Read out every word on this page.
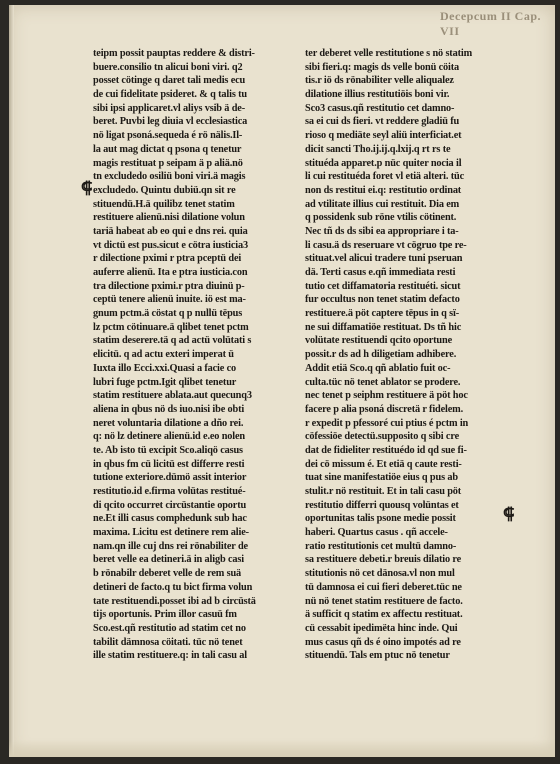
Decepcum II Cap. VII
teipm possit pauptas reddere & distri-
buere.consilio tn alicui boni viri. q2
posset cötinge q daret tali medis ecu
de cui fidelitate psideret. & q talis tu
sibi ipsi applicaret.vl aliys vsib ä de-
beret. Puvbi leg diuia vl ecclesiastica
nö ligat psoná.sequeda é rö nälis.Il-
la aut mag dictat q psona q tenetur
magis restituat p seipam ä p aliä.nö
tn excludedo osiliü boni viri.ä magis
excludedo. Quintu dubiü.qn sit re
stituendü.H.ä quilibz tenet statim
restituere alienü.nisi dilatione volun
tariä habeat ab eo qui e dns rei. quia
vt dictü est pus.sicut e cötra iusticia3
r dilectione pximi r ptra pceptü dei
auferre alienü. Ita e ptra iusticia.con
tra dilectione pximi.r ptra diuinü p-
ceptü tenere alienü inuite. iö est ma-
gnum pctm.ä cöstat q p nullü tëpus
lz pctm cötinuare.ä qlibet tenet pctm
statim deserere.tä q ad actü volütati s
elicitü. q ad actu exteri imperat ü
Iuxta illo Ecci.xxi.Quasi a facie co
lubri fuge pctm.Igit qlibet tenetur
statim restituere ablata.aut quecunq3
aliena in qbus nö ds iuo.nisi ibe obti
neret voluntaria dilatione a dño rei.
q: nö lz detinere alienü.id e.eo nolen
te. Ab isto tü excipit Sco.aliqö casus
in qbus fm cü licitü est differre resti
tutione exteriore.dümö assit interior
restitutio.id e.firma volütas restitué-
di qcito occurret circüstantie oportu
ne.Et illi casus comphedunk sub hac
maxima. Licitu est detinere rem alie-
nam.qn ille cuj dns rei rönabiliter de
beret velle ea detineri.ä in aligb casi
b rönabilr deberet velle de rem suä
detineri de facto.q tu bict firma volun
tate restituendi.posset ibi ad b circüstä
tijs oportunis. Prim illor casuü fm
Sco.est.qñ restitutio ad statim cet no
tabilit dämnosa cöitati. tüc nö tenet
ille statim restituere.q: in tali casu al
ter deberet velle restitutione s nö statim
sibi fieri.q: magis ds velle bonü cöita
tis.r iö ds rönabiliter velle aliqualez
dilatione illius restitutiöis boni vir.
Sco3 casus.qñ restitutio cet damno-
sa ei cui ds fieri. vt reddere gladiü fu
rioso q mediäte seyl aliü interficiat.et
dicit sancti Tho.ij.ij.q.lxij.q rt rs te
stituéda apparet.p nüc quiter nocia il
li cui restituéda foret vl etiä alteri. tüc
non ds restitui ei.q: restitutio ordinat
ad vtilitate illius cui restituit. Dia em
q possidenk sub röne vtilis cötinent.
Nec tñ ds ds sibi ea appropriare i ta-
li casu.ä ds reseruare vt cögruo tpe re-
stituat.vel alicui tradere tuni pseruan
dä. Terti casus e.qñ immediata resti
tutio cet diffamatoria restituéti. sicut
fur occultus non tenet statim defacto
restituere.ä pöt captere tëpus in q sï-
ne sui diffamatiöe restituat. Ds tñ hic
volütate restituendi qcito oportune
possit.r ds ad h diligetiam adhibere.
Addit etiä Sco.q qñ ablatio fuit oc-
culta.tüc nö tenet ablator se prodere.
nec tenet p seiphm restituere ä pöt hoc
facere p alia psoná discretä r fidelem.
r expedit p pfessoré cui ptius é pctm in
cöfessiöe detectü.supposito q sibi cre
dat de fidieliter restituédo id qd sue fi-
dei cö missum é. Et etiä q caute resti-
tuat sine manifestatiöe eius q pus ab
stulit.r nö restituit. Et in tali casu pöt
restitutio differri quousq volüntas et
oportunitas talis psone medie possit
haberi. Quartus casus . qñ accele-
ratio restitutionis cet multü damno-
sa restituere debeti.r breuis dilatio re
stitutionis nö cet dänosa.vl non mul
tü damnosa ei cui fieri deberet.tüc ne
nü nö tenet statim restituere de facto.
ä sufficit q statim ex affectu restituat.
cü cessabit ipedimëta hinc inde. Qui
mus casus qñ ds é oino impotés ad re
stituendü. Tals em ptuc nö tenetur
⸿
⸿
